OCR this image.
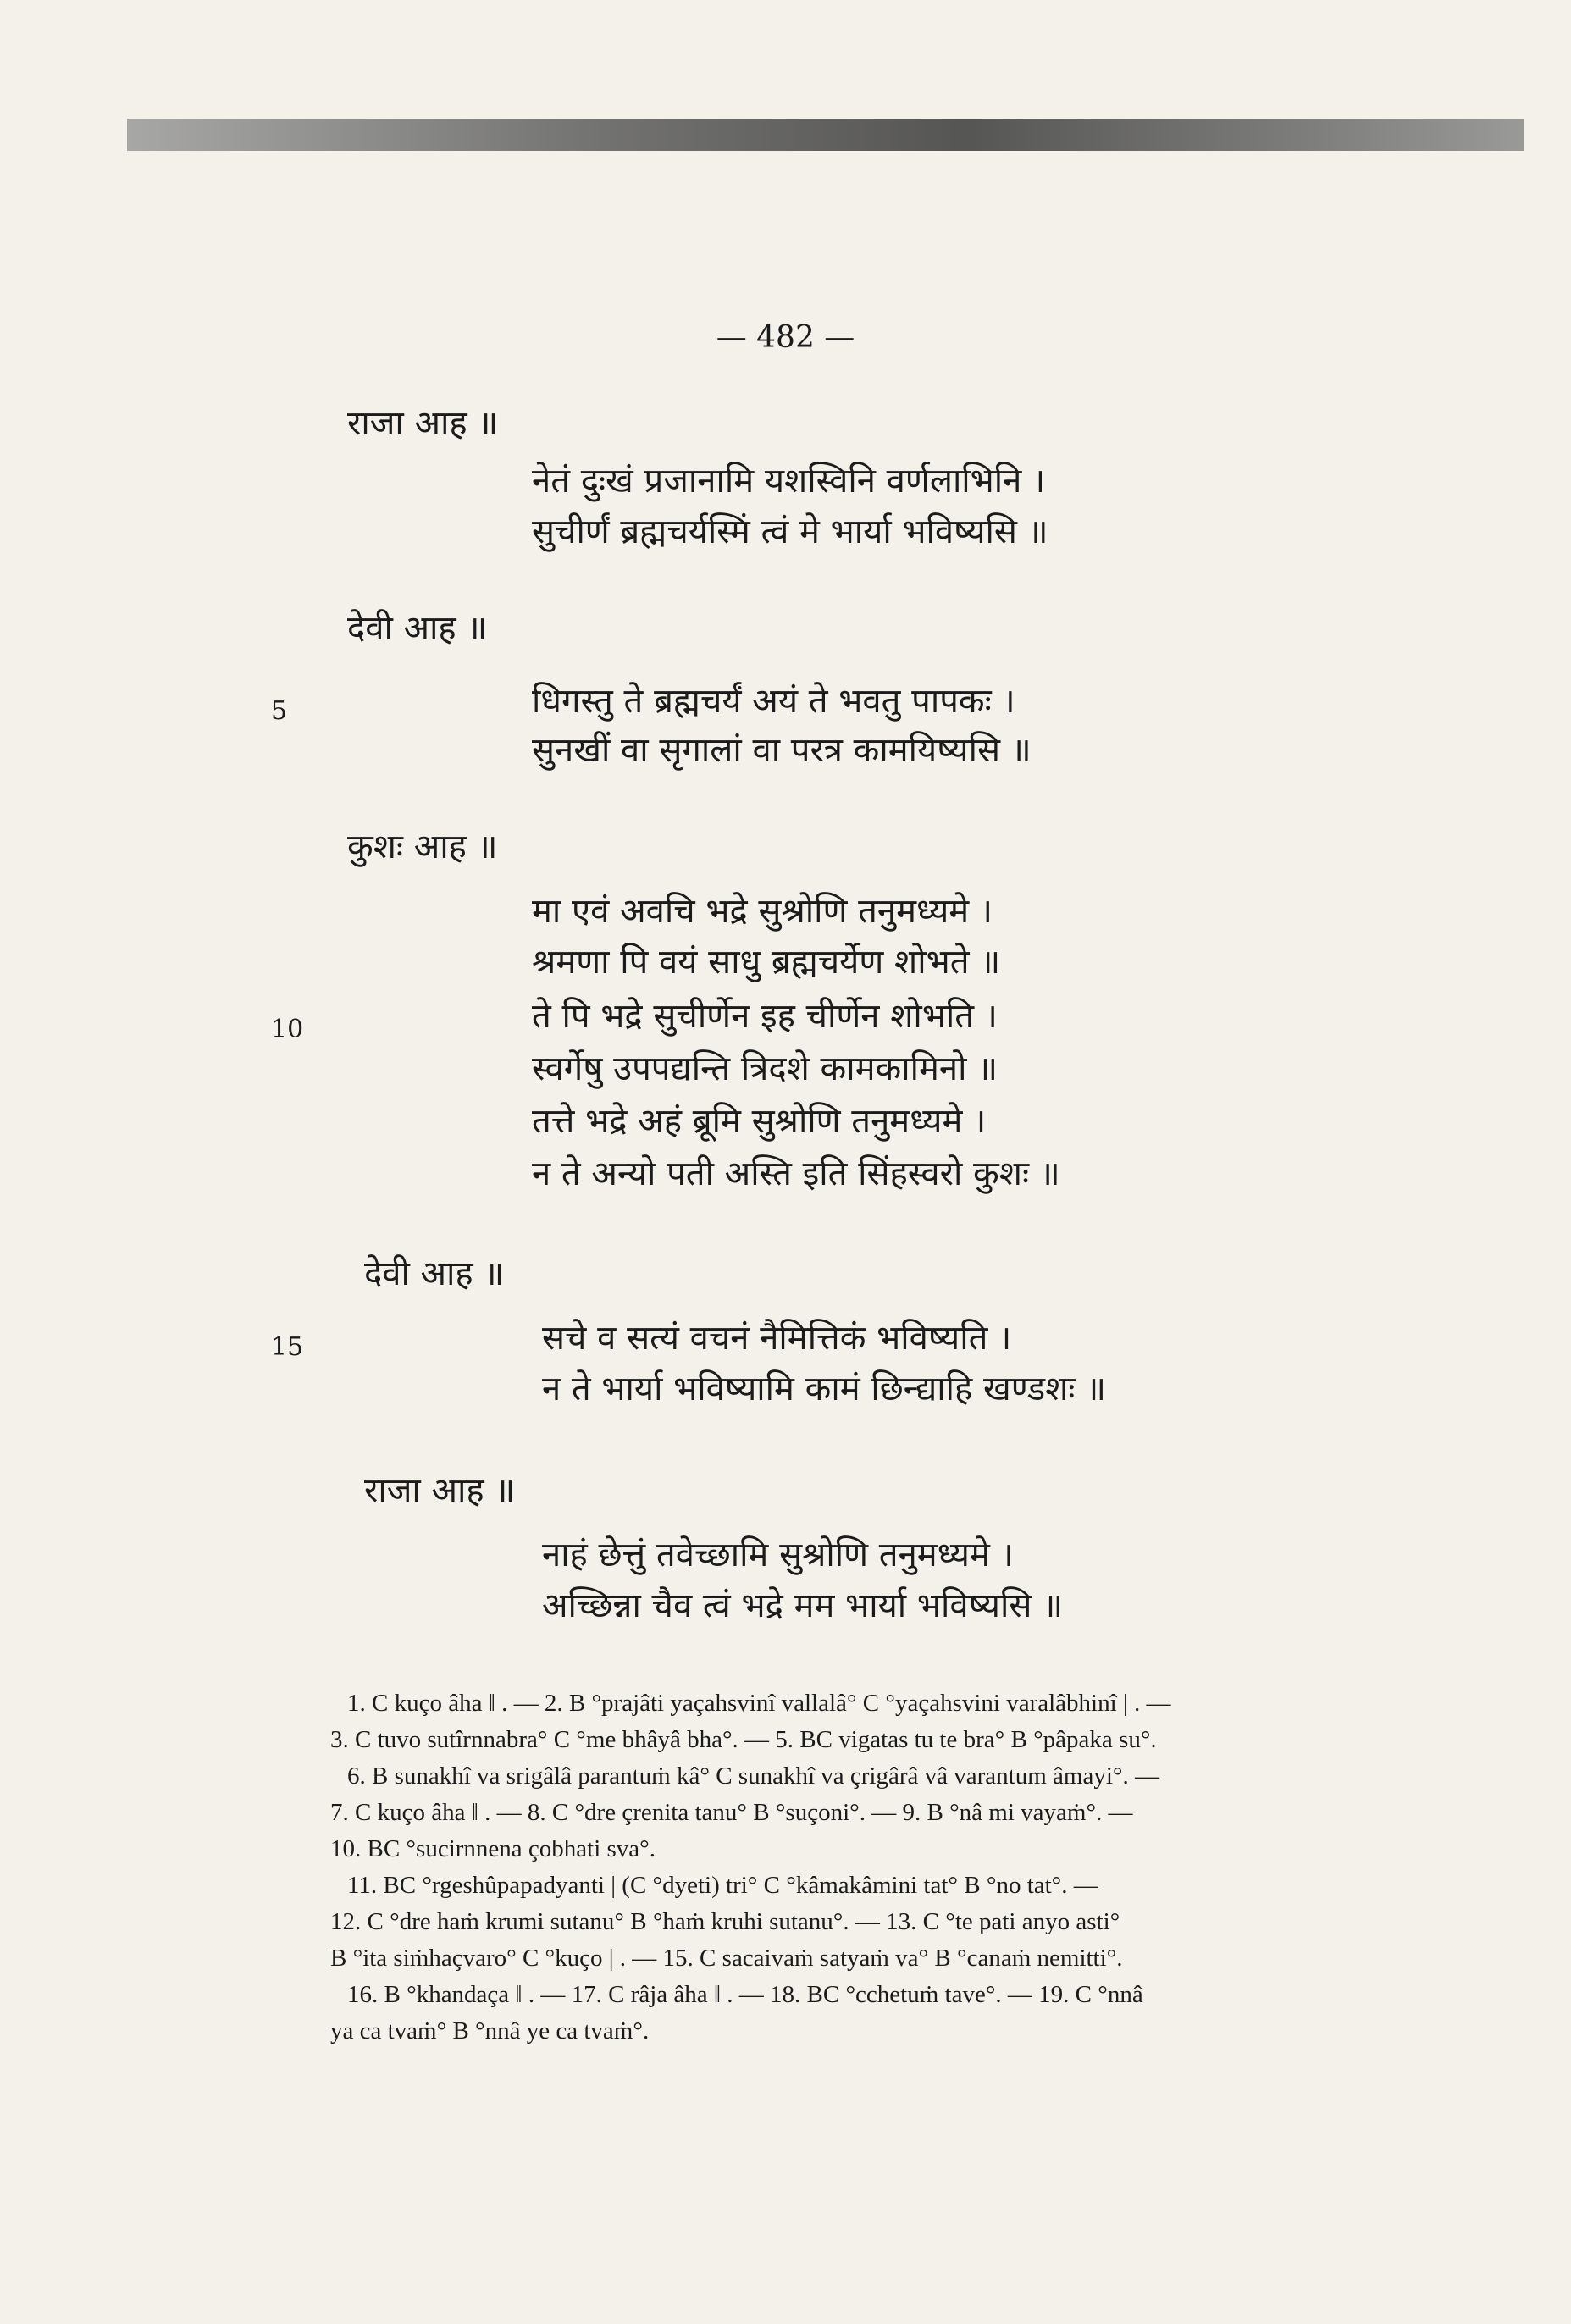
— 482 —
राजा आह ॥
नेतं दुःखं प्रजानामि यशस्विनि वर्णलाभिनि ।
सुचीर्णं ब्रह्मचर्यस्मिं त्वं मे भार्या भविष्यसि ॥
देवी आह ॥
5	धिगस्तु ते ब्रह्मचर्यं अयं ते भवतु पापकः ।
सुनखीं वा सृगालां वा परत्र कामयिष्यसि ॥
कुशः आह ॥
मा एवं अवचि भद्रे सुश्रोणि तनुमध्यमे ।
श्रमणा पि वयं साधु ब्रह्मचर्येण शोभते ॥
10	ते पि भद्रे सुचीर्णेन इह चीर्णेन शोभति ।
स्वर्गेषु उपपद्यन्ति त्रिदशे कामकामिनो ॥
तत्ते भद्रे अहं ब्रूमि सुश्रोणि तनुमध्यमे ।
न ते अन्यो पती अस्ति इति सिंहस्वरो कुशः ॥
देवी आह ॥
15	सचे व सत्यं वचनं नैमित्तिकं भविष्यति ।
न ते भार्या भविष्यामि कामं छिन्द्याहि खण्डशः ॥
राजा आह ॥
नाहं छेत्तुं तवेच्छामि सुश्रोणि तनुमध्यमे ।
अच्छिन्ना चैव त्वं भद्रे मम भार्या भविष्यसि ॥
1. C kuço âha ‖ . — 2. B °prajâti yaçahsvinî vallalâ° C °yaçahsvini varalâbhinî | . —
3. C tuvo sutîrnnabra° C °me bhâyâ bha°. — 5. BC vigatas tu te bra° B °pâpaka su°.
6. B sunakhî va srigâlâ parantuṁ kâ° C sunakhî va çrigârâ vâ varantum âmayi°. —
7. C kuço âha ‖ . — 8. C °dre çrenita tanu° B °suçoni°. — 9. B °nâ mi vayaṁ°. —
10. BC °sucirnnena çobhati sva°.
11. BC °rgeshûpapadyanti | (C °dyeti) tri° C °kâmakâmini tat° B °no tat°. —
12. C °dre haṁ krumi sutanu° B °haṁ kruhi sutanu°. — 13. C °te pati anyo asti°
B °ita siṁhaçvaro° C °kuço | . — 15. C sacaivaṁ satyaṁ va° B °canaṁ nemitti°.
16. B °khandaça ‖ . — 17. C râja âha ‖ . — 18. BC °cchetuṁ tave°. — 19. C °nnâ
ya ca tvaṁ° B °nnâ ye ca tvaṁ°.
